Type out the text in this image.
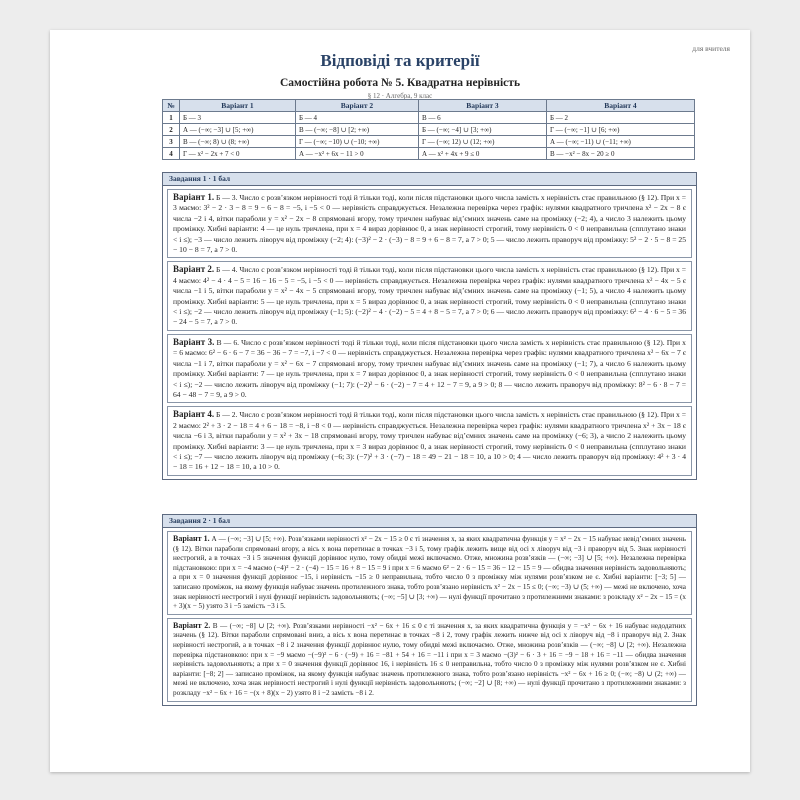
для вчителя
Відповіді та критерії
Самостійна робота № 5. Квадратна нерівність
§ 12 · Алгебра, 9 клас
№	Варіант 1	Варіант 2	Варіант 3	Варіант 4
1	Б — 3	Б — 4	В — 6	Б — 2
2	А — (−∞; −3] ∪ [5; +∞)	В — (−∞; −8] ∪ [2; +∞)	Б — (−∞; −4] ∪ [3; +∞)	Г — (−∞; −1] ∪ [6; +∞)
3	В — (−∞; 8) ∪ (8; +∞)	Г — (−∞; −10) ∪ (−10; +∞)	Г — (−∞; 12) ∪ (12; +∞)	А — (−∞; −11) ∪ (−11; +∞)
4	Г — x² − 2x + 7 < 0	А — −x² + 6x − 11 > 0	А — x² + 4x + 9 ≤ 0	В — −x² − 8x − 20 ≥ 0
Завдання 1 · 1 бал

Варіант 1. Б — 3. Число c розв’язком нерівності тоді й тільки тоді, коли після підстановки цього числа замість x нерівність стає правильною (§ 12). При x = 3 маємо: 3² − 2 · 3 − 8 = 9 − 6 − 8 = −5, і −5 < 0 — нерівність справджується. Незалежна перевірка через графік: нулями квадратного тричлена x² − 2x − 8 є числа −2 і 4, вітки параболи y = x² − 2x − 8 спрямовані вгору, тому тричлен набуває від’ємних значень саме на проміжку (−2; 4), а число 3 належить цьому проміжку. Хибні варіанти: 4 — це нуль тричлена, при x = 4 вираз дорівнює 0, а знак нерівності строгий, тому нерівність 0 < 0 неправильна (спплутано знаки < і ≤); −3 — число лежить ліворуч від проміжку (−2; 4): (−3)² − 2 · (−3) − 8 = 9 + 6 − 8 = 7, а 7 > 0; 5 — число лежить праворуч від проміжку: 5² − 2 · 5 − 8 = 25 − 10 − 8 = 7, а 7 > 0.

Варіант 2. Б — 4. Число c розв’язком нерівності тоді й тільки тоді, коли після підстановки цього числа замість x нерівність стає правильною (§ 12). При x = 4 маємо: 4² − 4 · 4 − 5 = 16 − 16 − 5 = −5, і −5 < 0 — нерівність справджується. Незалежна перевірка через графік: нулями квадратного тричлена x² − 4x − 5 є числа −1 і 5, вітки параболи y = x² − 4x − 5 спрямовані вгору, тому тричлен набуває від’ємних значень саме на проміжку (−1; 5), а число 4 належить цьому проміжку. Хибні варіанти: 5 — це нуль тричлена, при x = 5 вираз дорівнює 0, а знак нерівності строгий, тому нерівність 0 < 0 неправильна (спплутано знаки < і ≤); −2 — число лежить ліворуч від проміжку (−1; 5): (−2)² − 4 · (−2) − 5 = 4 + 8 − 5 = 7, а 7 > 0; 6 — число лежить праворуч від проміжку: 6² − 4 · 6 − 5 = 36 − 24 − 5 = 7, а 7 > 0.

Варіант 3. В — 6. Число c розв’язком нерівності тоді й тільки тоді, коли після підстановки цього числа замість x нерівність стає правильною (§ 12). При x = 6 маємо: 6² − 6 · 6 − 7 = 36 − 36 − 7 = −7, і −7 < 0 — нерівність справджується. Незалежна перевірка через графік: нулями квадратного тричлена x² − 6x − 7 є числа −1 і 7, вітки параболи y = x² − 6x − 7 спрямовані вгору, тому тричлен набуває від’ємних значень саме на проміжку (−1; 7), а число 6 належить цьому проміжку. Хибні варіанти: 7 — це нуль тричлена, при x = 7 вираз дорівнює 0, а знак нерівності строгий, тому нерівність 0 < 0 неправильна (спплутано знаки < і ≤); −2 — число лежить ліворуч від проміжку (−1; 7): (−2)² − 6 · (−2) − 7 = 4 + 12 − 7 = 9, а 9 > 0; 8 — число лежить праворуч від проміжку: 8² − 6 · 8 − 7 = 64 − 48 − 7 = 9, а 9 > 0.

Варіант 4. Б — 2. Число c розв’язком нерівності тоді й тільки тоді, коли після підстановки цього числа замість x нерівність стає правильною (§ 12). При x = 2 маємо: 2² + 3 · 2 − 18 = 4 + 6 − 18 = −8, і −8 < 0 — нерівність справджується. Незалежна перевірка через графік: нулями квадратного тричлена x² + 3x − 18 є числа −6 і 3, вітки параболи y = x² + 3x − 18 спрямовані вгору, тому тричлен набуває від’ємних значень саме на проміжку (−6; 3), а число 2 належить цьому проміжку. Хибні варіанти: 3 — це нуль тричлена, при x = 3 вираз дорівнює 0, а знак нерівності строгий, тому нерівність 0 < 0 неправильна (спплутано знаки < і ≤); −7 — число лежить ліворуч від проміжку (−6; 3): (−7)² + 3 · (−7) − 18 = 49 − 21 − 18 = 10, а 10 > 0; 4 — число лежить праворуч від проміжку: 4² + 3 · 4 − 18 = 16 + 12 − 18 = 10, а 10 > 0.

Завдання 2 · 1 бал

Варіант 1. А — (−∞; −3] ∪ [5; +∞). Розв’язками нерівності x² − 2x − 15 ≥ 0 є ті значення x, за яких квадратична функція y = x² − 2x − 15 набуває невід’ємних значень (§ 12). Вітки параболи спрямовані вгору, а вісь x вона перетинає в точках −3 і 5, тому графік лежить вище від осі x ліворуч від −3 і праворуч від 5. Знак нерівності нестрогий, а в точках −3 і 5 значення функції дорівнює нулю, тому обидві межі включаємо. Отже, множина розв’язків — (−∞; −3] ∪ [5; +∞). Незалежна перевірка підстановкою: при x = −4 маємо (−4)² − 2 · (−4) − 15 = 16 + 8 − 15 = 9 і при x = 6 маємо 6² − 2 · 6 − 15 = 36 − 12 − 15 = 9 — обидва значення нерівність задовольняють; а при x = 0 значення функції дорівнює −15, і нерівність −15 ≥ 0 неправильна, тобто число 0 з проміжку між нулями розв’язком не є. Хибні варіанти: [−3; 5] — записано проміжок, на якому функція набуває значень протилежного знака, тобто розв’язано нерівність x² − 2x − 15 ≤ 0; (−∞; −3) ∪ (5; +∞) — межі не включено, хоча знак нерівності нестрогий і нулі функції нерівність задовольняють; (−∞; −5] ∪ [3; +∞) — нулі функції прочитано з протилежними знаками: з розкладу x² − 2x − 15 = (x + 3)(x − 5) узято 3 і −5 замість −3 і 5.

Варіант 2. В — (−∞; −8] ∪ [2; +∞). Розв’язками нерівності −x² − 6x + 16 ≤ 0 є ті значення x, за яких квадратична функція y = −x² − 6x + 16 набуває недодатних значень (§ 12). Вітки параболи спрямовані вниз, а вісь x вона перетинає в точках −8 і 2, тому графік лежить нижче від осі x ліворуч від −8 і праворуч від 2. Знак нерівності нестрогий, а в точках −8 і 2 значення функції дорівнює нулю, тому обидві межі включаємо. Отже, множина розв’язків — (−∞; −8] ∪ [2; +∞). Незалежна перевірка підстановкою: при x = −9 маємо −(−9)² − 6 · (−9) + 16 = −81 + 54 + 16 = −11 і при x = 3 маємо −(3)² − 6 · 3 + 16 = −9 − 18 + 16 = −11 — обидва значення нерівність задовольняють; а при x = 0 значення функції дорівнює 16, і нерівність 16 ≤ 0 неправильна, тобто число 0 з проміжку між нулями розв’язком не є. Хибні варіанти: [−8; 2] — записано проміжок, на якому функція набуває значень протилежного знака, тобто розв’язано нерівність −x² − 6x + 16 ≥ 0; (−∞; −8) ∪ (2; +∞) — межі не включено, хоча знак нерівності нестрогий і нулі функції нерівність задовольняють; (−∞; −2] ∪ [8; +∞) — нулі функції прочитано з протилежними знаками: з розкладу −x² − 6x + 16 = −(x + 8)(x − 2) узято 8 і −2 замість −8 і 2.
